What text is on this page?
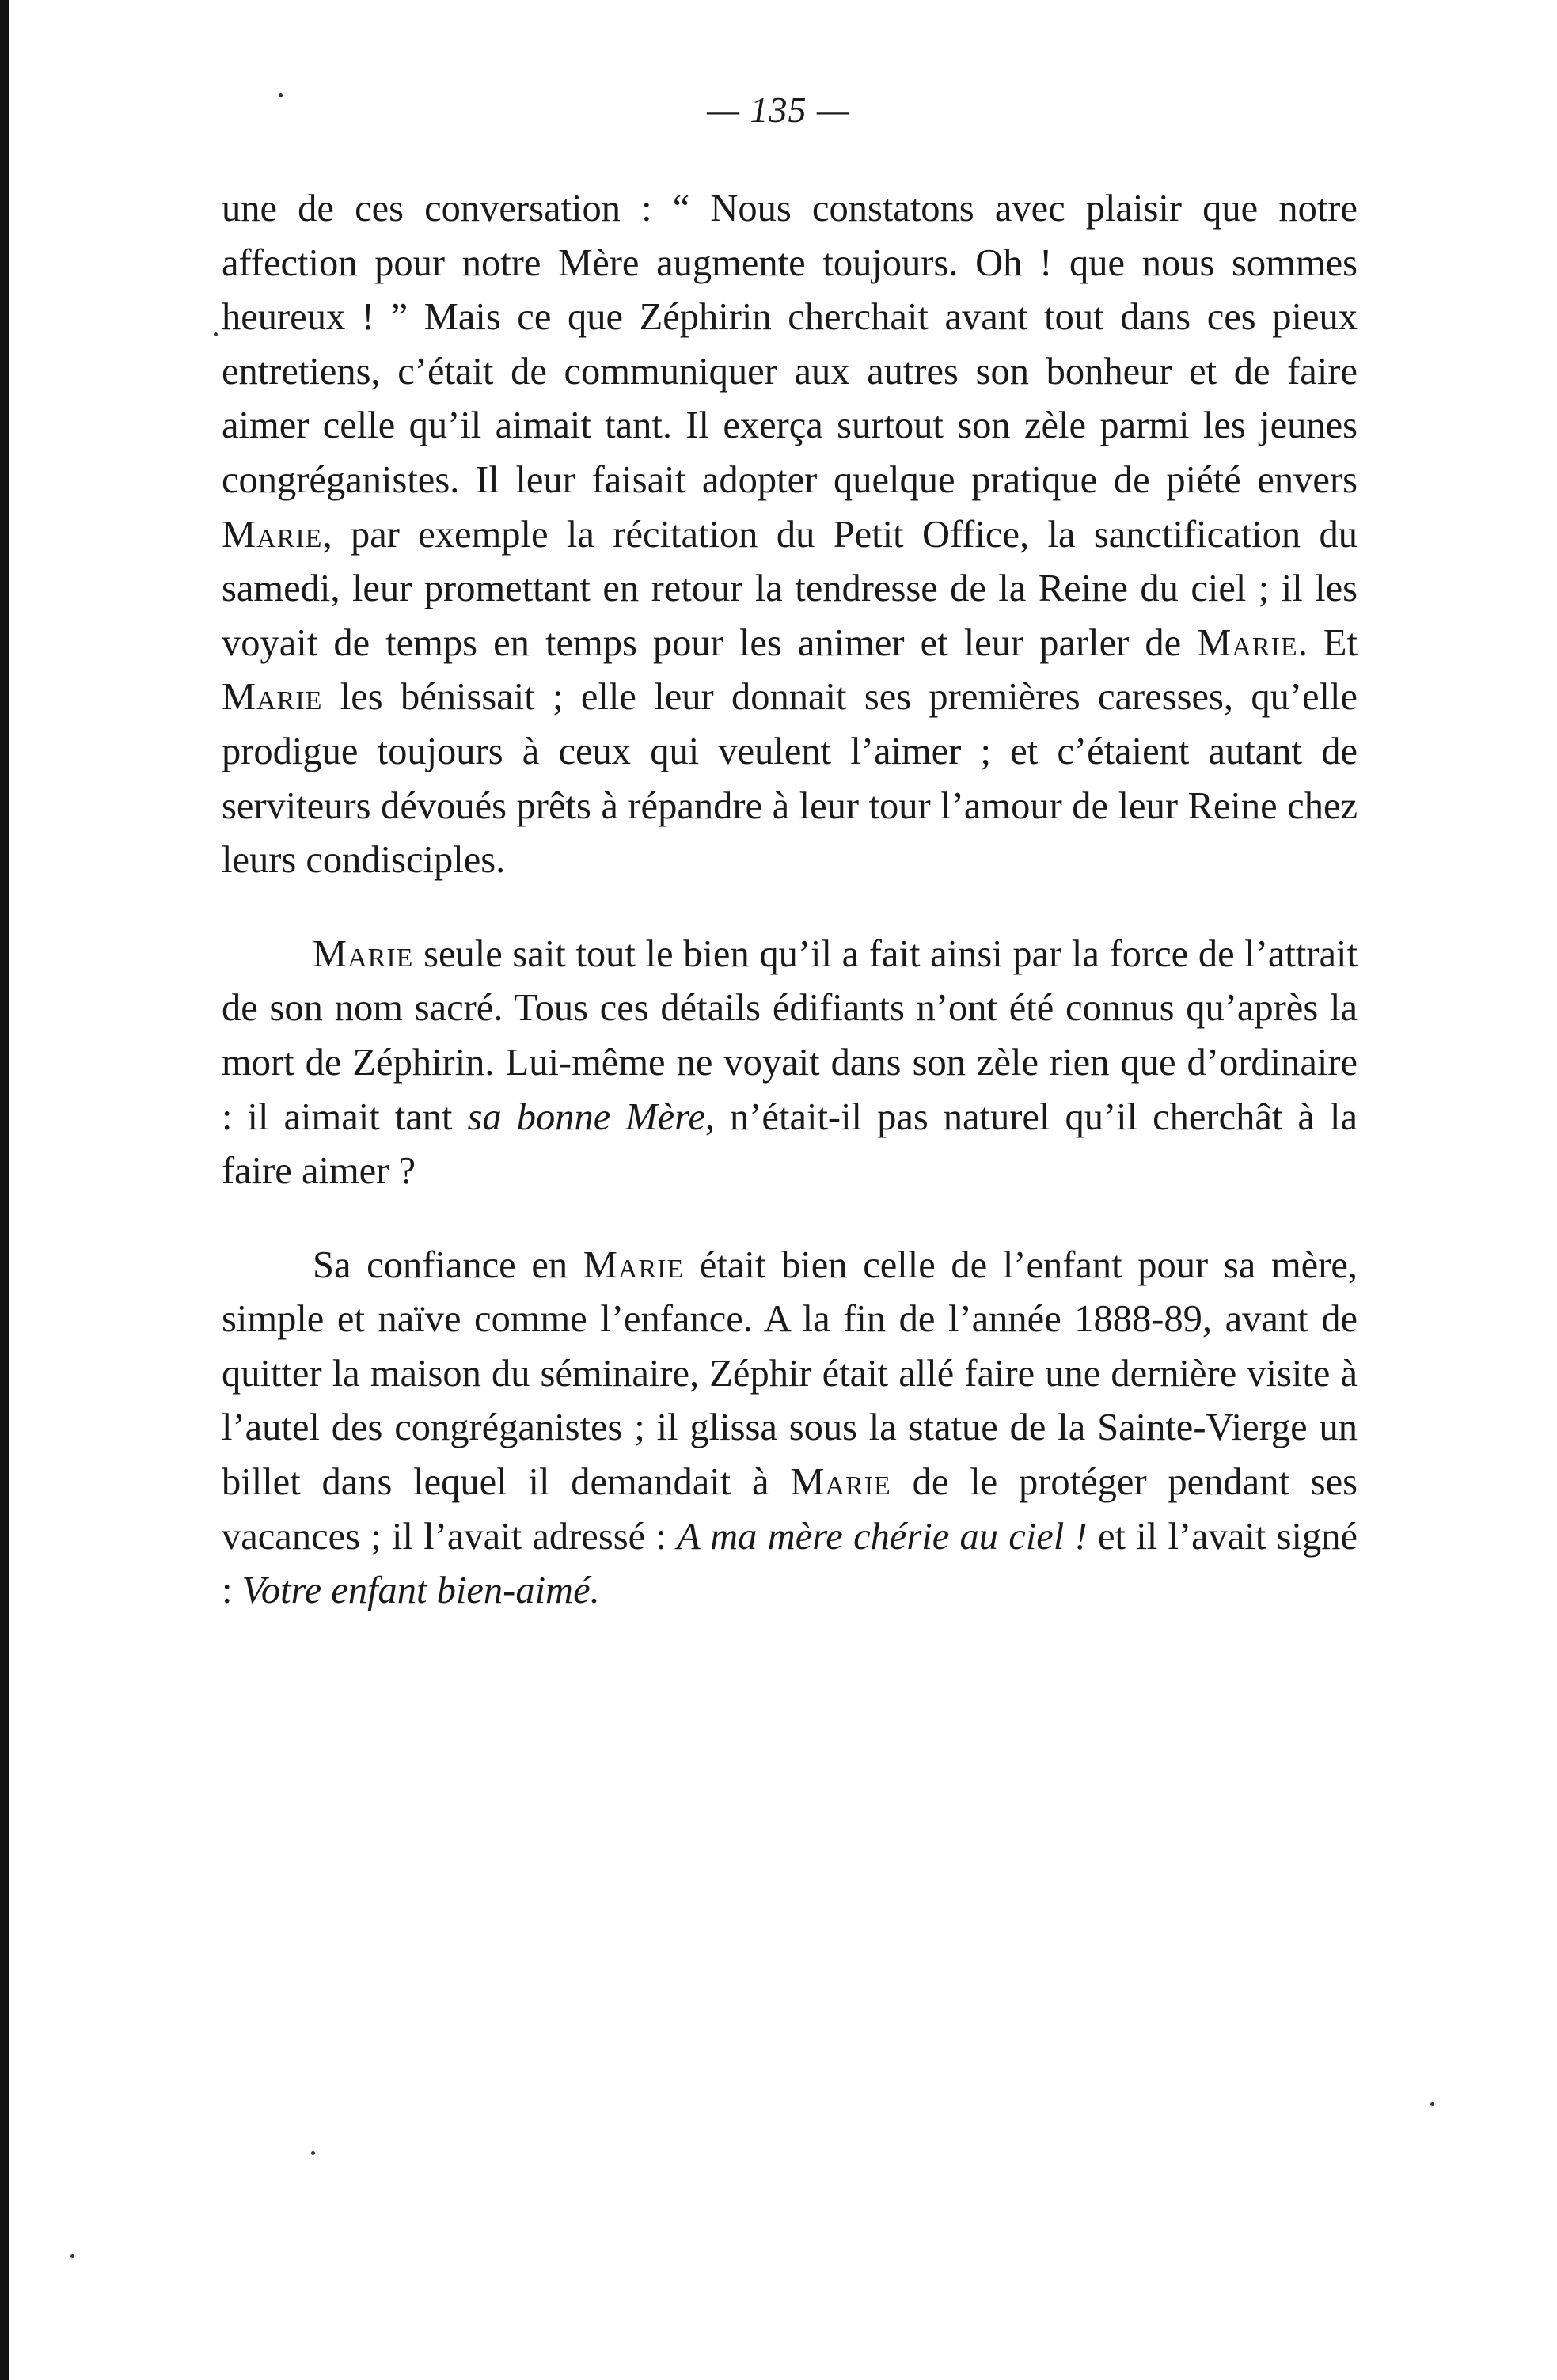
— 135 —

une de ces conversation : “ Nous constatons avec plaisir que notre affection pour notre Mère augmente toujours. Oh ! que nous sommes heureux ! ” Mais ce que Zéphirin cherchait avant tout dans ces pieux entretiens, c’était de communiquer aux autres son bonheur et de faire aimer celle qu’il aimait tant. Il exerça surtout son zèle parmi les jeunes congréganistes. Il leur faisait adopter quelque pratique de piété envers Marie, par exemple la récitation du Petit Office, la sanctification du samedi, leur promettant en retour la tendresse de la Reine du ciel ; il les voyait de temps en temps pour les animer et leur parler de Marie. Et Marie les bénissait ; elle leur donnait ses premières caresses, qu’elle prodigue toujours à ceux qui veulent l’aimer ; et c’étaient autant de serviteurs dévoués prêts à répandre à leur tour l’amour de leur Reine chez leurs condisciples.

Marie seule sait tout le bien qu’il a fait ainsi par la force de l’attrait de son nom sacré. Tous ces détails édifiants n’ont été connus qu’après la mort de Zéphirin. Lui-même ne voyait dans son zèle rien que d’ordinaire : il aimait tant sa bonne Mère, n’était-il pas naturel qu’il cherchât à la faire aimer ?

Sa confiance en Marie était bien celle de l’enfant pour sa mère, simple et naïve comme l’enfance. A la fin de l’année 1888-89, avant de quitter la maison du séminaire, Zéphir était allé faire une dernière visite à l’autel des congréganistes ; il glissa sous la statue de la Sainte-Vierge un billet dans lequel il demandait à Marie de le protéger pendant ses vacances ; il l’avait adressé : A ma mère chérie au ciel ! et il l’avait signé : Votre enfant bien-aimé.
